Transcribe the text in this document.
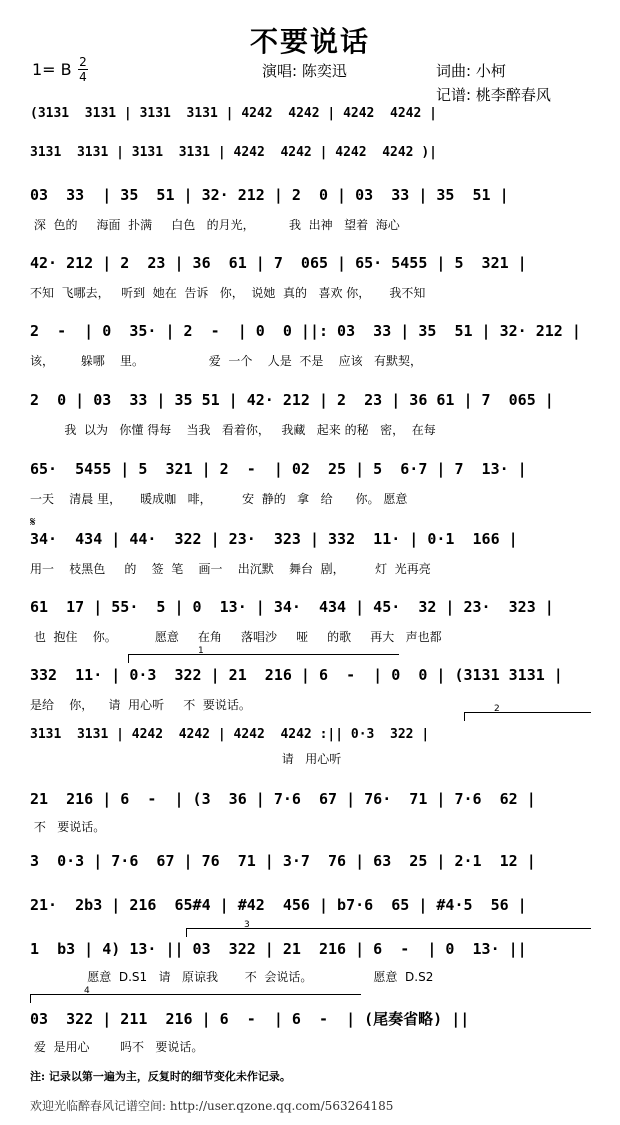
不要说话
1= B 2
4	演唱: 陈奕迅	词曲: 小柯
记谱: 桃李醉春风
(3131  3131 | 3131  3131 | 4242  4242 | 4242  4242 |
3131  3131 | 3131  3131 | 4242  4242 | 4242  4242 )|
03  33  | 35  51 | 32· 212 | 2  0 | 03  33 | 35  51 |
深  色的     海面  扑满     白色   的月光，         我  出神   望着  海心
42· 212 | 2  23 | 36  61 | 7  065 | 65· 5455 | 5  321 |
不知  飞哪去，   听到  她在  告诉   你，  说她  真的   喜欢 你，     我不知
2  -  | 0  35· | 2  -  | 0  0 ||: 03  33 | 35  51 | 32· 212 |
该，       躲哪    里。                 爱  一个    人是  不是    应该   有默契，
2  0 | 03  33 | 35 51 | 42· 212 | 2  23 | 36 61 | 7  065 |
我  以为   你懂 得每    当我   看着你，   我藏   起来 的秘   密，  在每
65·  5455 | 5  321 | 2  -  | 02  25 | 5  6·7 | 7  13· |
一天    清晨 里，     暖成咖   啡，        安  静的   拿   给      你。 愿意
𝄋
34·  434 | 44·  322 | 23·  323 | 332  11· | 0·1  166 |
用一    枝黑色     的    签  笔    画一    出沉默    舞台  剧，        灯  光再亮
61  17 | 55·  5 | 0  13· | 34·  434 | 45·  32 | 23·  323 |
也  抱住    你。          愿意     在角     落唱沙     哑     的歌     再大   声也都
1
332  11· | 0·3  322 | 21  216 | 6  -  | 0  0 | (3131 3131 |
是给    你，    请  用心听     不  要说话。	2
3131  3131 | 4242  4242 | 4242  4242 :|| 0·3  322 |
请   用心听
21  216 | 6  -  | (3  36 | 7·6  67 | 76·  71 | 7·6  62 |
不   要说话。
3  0·3 | 7·6  67 | 76  71 | 3·7  76 | 63  25 | 2·1  12 |
21·  2b3 | 216  65#4 | #42  456 | b7·6  65 | #4·5  56 |
3
1  b3 | 4) 13· || 03  322 | 21  216 | 6  -  | 0  13· ||
愿意  D.S1   请   原谅我       不  会说话。                愿意  D.S2
4
03  322 | 211  216 | 6  -  | 6  -  | (尾奏省略) ||
爱  是用心        吗不   要说话。
注: 记录以第一遍为主，反复时的细节变化未作记录。
欢迎光临醉春风记谱空间: http://user.qzone.qq.com/563264185
